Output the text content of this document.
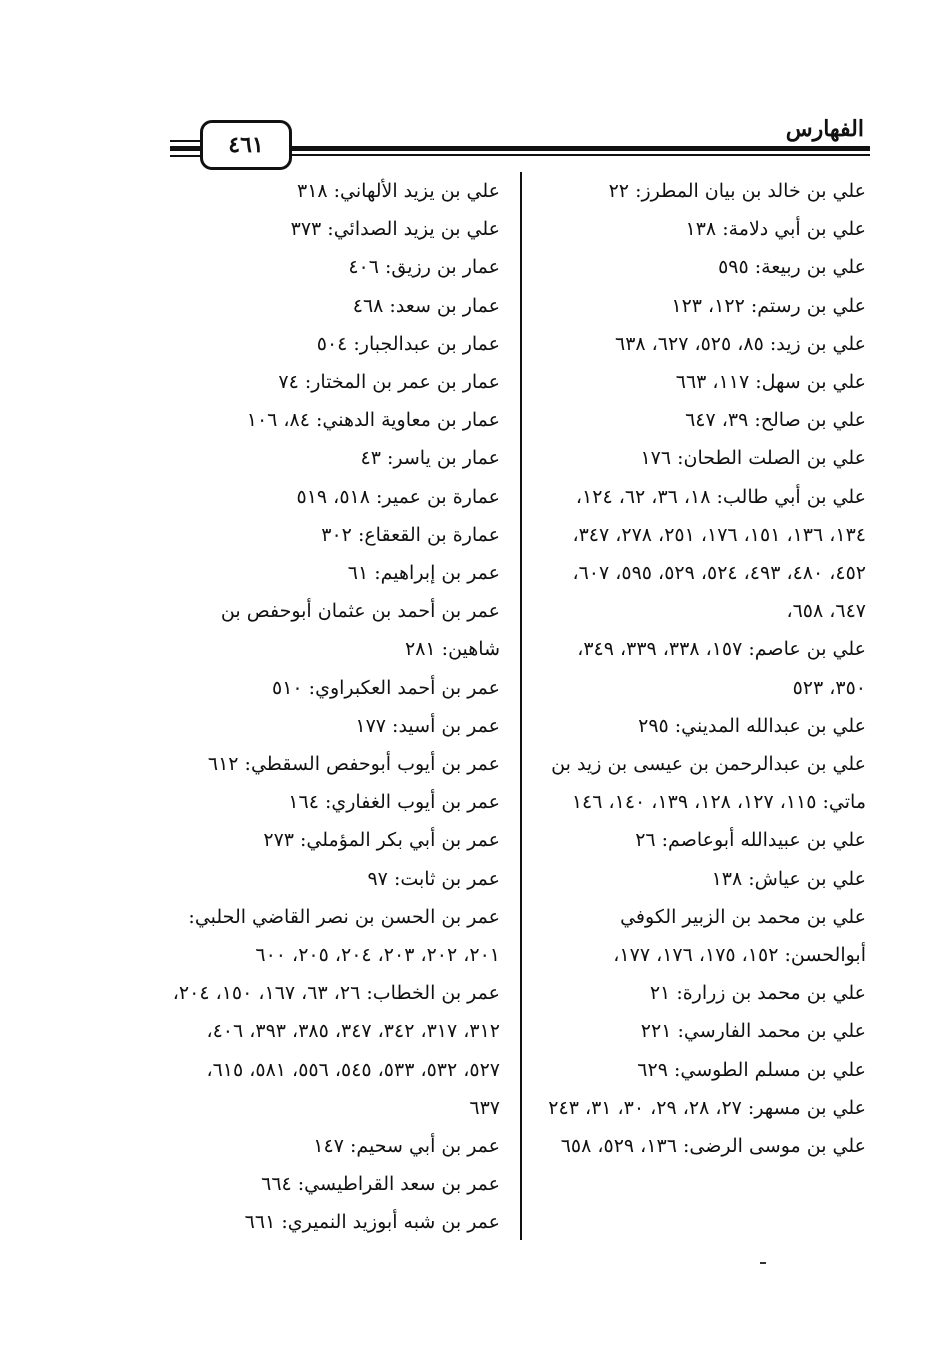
الفهارس
٤٦١

علي بن خالد بن بيان المطرز: ٢٢

علي بن أبي دلامة: ١٣٨

علي بن ربيعة: ٥٩٥

علي بن رستم: ١٢٢، ١٢٣

علي بن زيد: ٨٥، ٥٢٥، ٦٢٧، ٦٣٨

علي بن سهل: ١١٧، ٦٦٣

علي بن صالح: ٣٩، ٦٤٧

علي بن الصلت الطحان: ١٧٦

علي بن أبي طالب: ١٨، ٣٦، ٦٢، ١٢٤، ١٣٤، ١٣٦، ١٥١، ١٧٦، ٢٥١، ٢٧٨، ٣٤٧، ٤٥٢، ٤٨٠، ٤٩٣، ٥٢٤، ٥٢٩، ٥٩٥، ٦٠٧، ٦٤٧، ٦٥٨،

علي بن عاصم: ١٥٧، ٣٣٨، ٣٣٩، ٣٤٩، ٣٥٠، ٥٢٣

علي بن عبدالله المديني: ٢٩٥

علي بن عبدالرحمن بن عيسى بن زيد بن ماتي: ١١٥، ١٢٧، ١٢٨، ١٣٩، ١٤٠، ١٤٦

علي بن عبيدالله أبوعاصم: ٢٦

علي بن عياش: ١٣٨

علي بن محمد بن الزبير الكوفي أبوالحسن: ١٥٢، ١٧٥، ١٧٦، ١٧٧،

علي بن محمد بن زرارة: ٢١

علي بن محمد الفارسي: ٢٢١

علي بن مسلم الطوسي: ٦٢٩

علي بن مسهر: ٢٧، ٢٨، ٢٩، ٣٠، ٣١، ٢٤٣

علي بن موسى الرضى: ١٣٦، ٥٢٩، ٦٥٨

علي بن يزيد الألهاني: ٣١٨

علي بن يزيد الصدائي: ٣٧٣

عمار بن رزيق: ٤٠٦

عمار بن سعد: ٤٦٨

عمار بن عبدالجبار: ٥٠٤

عمار بن عمر بن المختار: ٧٤

عمار بن معاوية الدهني: ٨٤، ١٠٦

عمار بن ياسر: ٤٣

عمارة بن عمير: ٥١٨، ٥١٩

عمارة بن القعقاع: ٣٠٢

عمر بن إبراهيم: ٦١

عمر بن أحمد بن عثمان أبوحفص بن شاهين: ٢٨١

عمر بن أحمد العكبراوي: ٥١٠

عمر بن أسيد: ١٧٧

عمر بن أيوب أبوحفص السقطي: ٦١٢

عمر بن أيوب الغفاري: ١٦٤

عمر بن أبي بكر المؤملي: ٢٧٣

عمر بن ثابت: ٩٧

عمر بن الحسن بن نصر القاضي الحلبي: ٢٠١، ٢٠٢، ٢٠٣، ٢٠٤، ٢٠٥، ٦٠٠

عمر بن الخطاب: ٢٦، ٦٣، ١٦٧، ١٥٠، ٢٠٤، ٣١٢، ٣١٧، ٣٤٢، ٣٤٧، ٣٨٥، ٣٩٣، ٤٠٦، ٥٢٧، ٥٣٢، ٥٣٣، ٥٤٥، ٥٥٦، ٥٨١، ٦١٥، ٦٣٧

عمر بن أبي سحيم: ١٤٧

عمر بن سعد القراطيسي: ٦٦٤

عمر بن شبه أبوزيد النميري: ٦٦١
